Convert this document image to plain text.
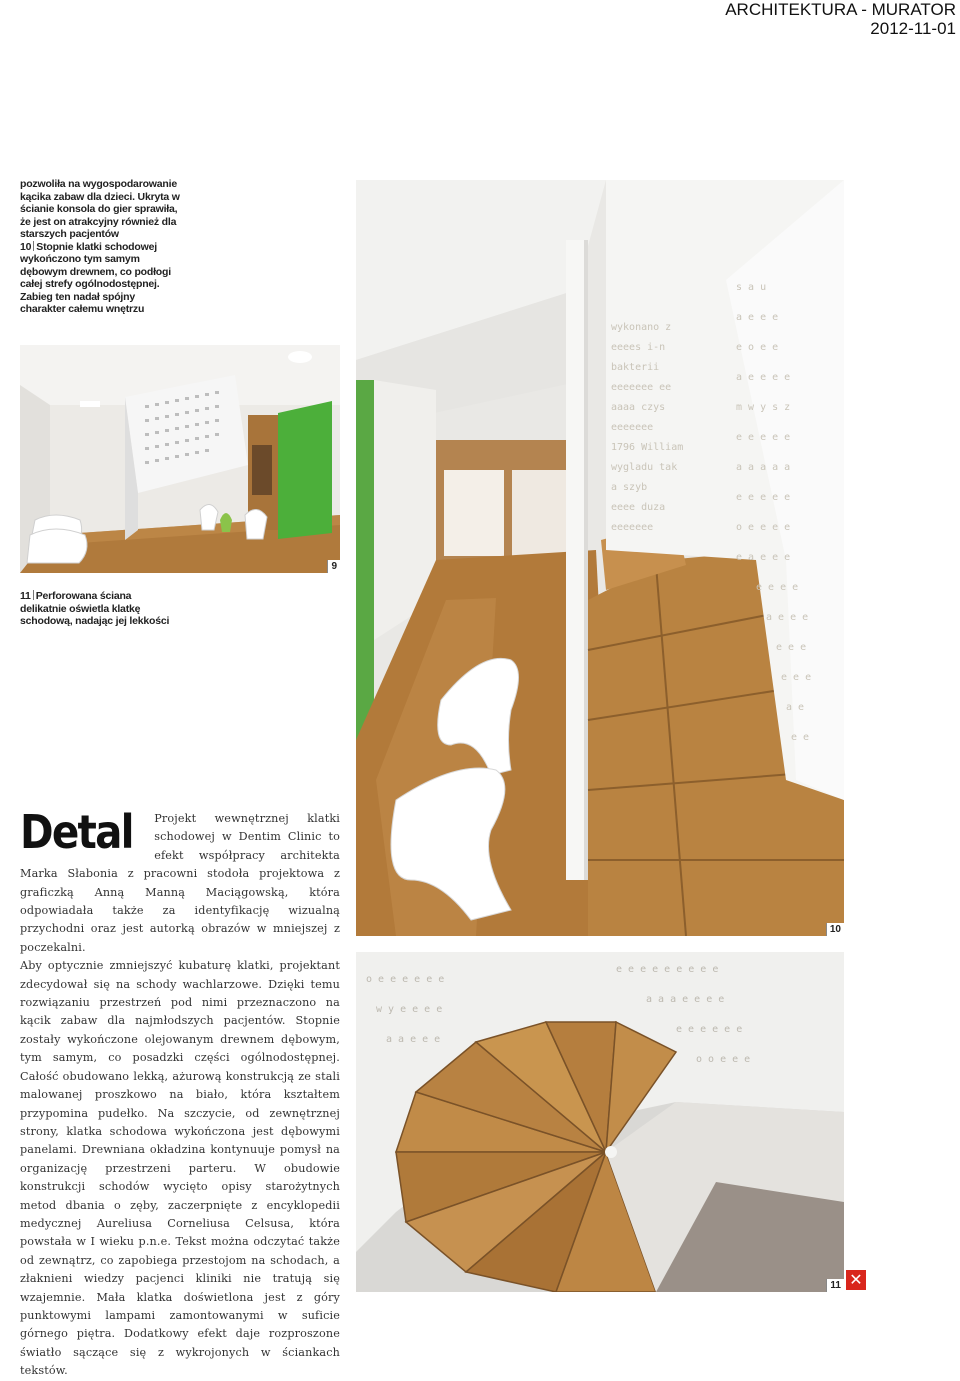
ARCHITEKTURA - MURATOR
2012-11-01
pozwoliła na wygospodarowanie kącika zabaw dla dzieci. Ukryta w ścianie konsola do gier sprawiła, że jest on atrakcyjny również dla starszych pacjentów
10 Stopnie klatki schodowej wykończono tym samym dębowym drewnem, co podłogi całej strefy ogólnodostępnej. Zabieg ten nadał spójny charakter całemu wnętrzu
9
11 Perforowana ściana delikatnie oświetla klatkę schodową, nadając jej lekkości
wykonano z
eeees i-n
bakterii
eeeeeee ee
aaaa czys
eeeeeee
1796 William
wygladu tak
a szyb
eeee duza
eeeeeee
s a u
a e e e
e o e e
a e e e e
m w y s z
e e e e e
a a a a a
e e e e e
o e e e e
e a e e e
e e e e
a e e e
e e e
e e e
a e
e e
10
o e e e e e e
w y e e e e
a a e e e
e e e e e e e e e
a a a e e e e
e e e e e e
o o e e e
11 ✕

Detal Projekt wewnętrznej klatki schodowej w Dentim Clinic to efekt współpracy architekta Marka Słabonia z pracowni stodoła projektowa z graficzką Anną Manną Maciągowską, która odpowiadała także za identyfikację wizualną przychodni oraz jest autorką obrazów w mniejszej z poczekalni.

Aby optycznie zmniejszyć kubaturę klatki, projektant zdecydował się na schody wachlarzowe. Dzięki temu rozwiązaniu przestrzeń pod nimi przeznaczono na kącik zabaw dla najmłodszych pacjentów. Stopnie zostały wykończone olejowanym drewnem dębowym, tym samym, co posadzki części ogólnodostępnej. Całość obudowano lekką, ażurową konstrukcją ze stali malowanej proszkowo na biało, która kształtem przypomina pudełko. Na szczycie, od zewnętrznej strony, klatka schodowa wykończona jest dębowymi panelami. Drewniana okładzina kontynuuje pomysł na organizację przestrzeni parteru. W obudowie konstrukcji schodów wycięto opisy starożytnych metod dbania o zęby, zaczerpnięte z encyklopedii medycznej Aureliusa Corneliusa Celsusa, która powstała w I wieku p.n.e. Tekst można odczytać także od zewnątrz, co zapobiega przestojom na schodach, a złaknieni wiedzy pacjenci kliniki nie tratują się wzajemnie. Mała klatka doświetlona jest z góry punktowymi lampami zamontowanymi w suficie górnego piętra. Dodatkowy efekt daje rozproszone światło sączące się z wykrojonych w ściankach tekstów.
